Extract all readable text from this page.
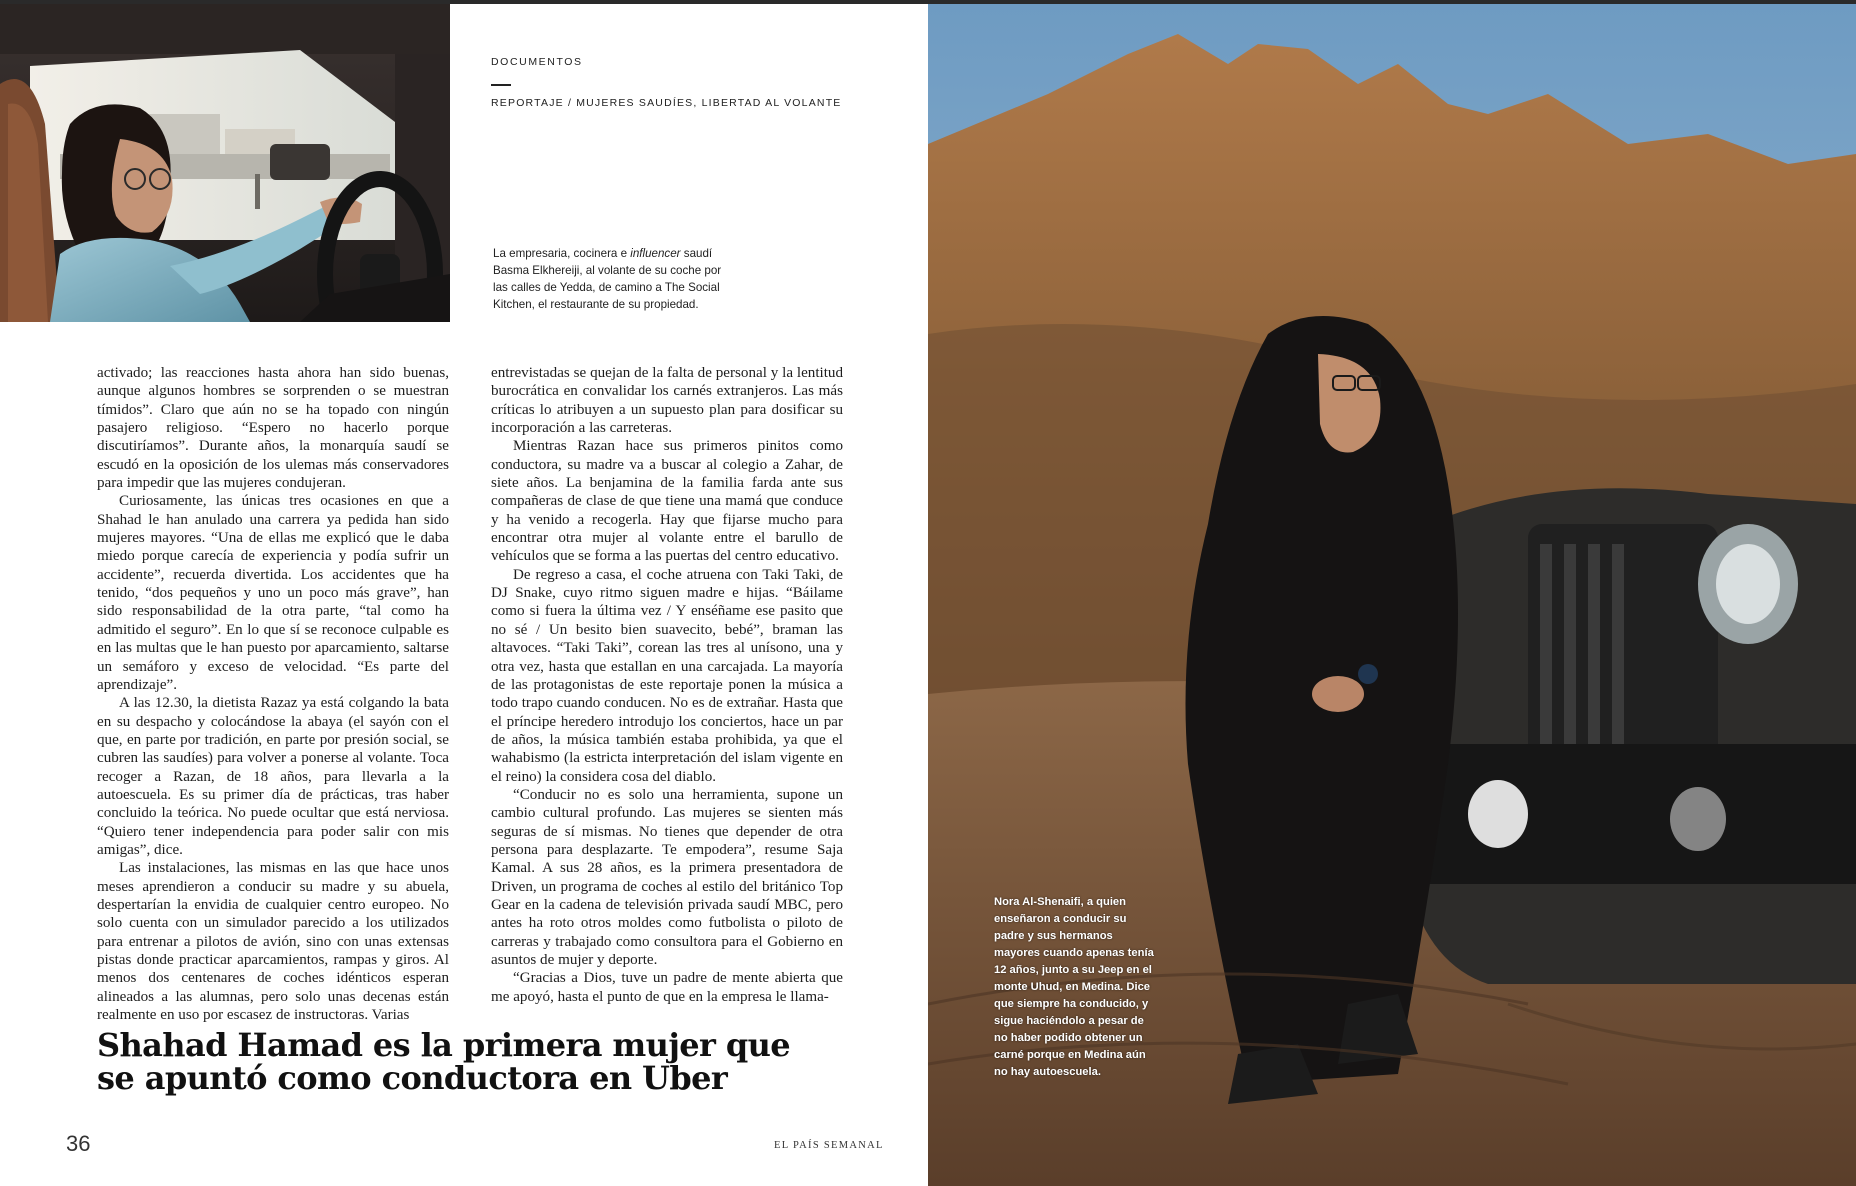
DOCUMENTOS
REPORTAJE / MUJERES SAUDÍES, LIBERTAD AL VOLANTE
La empresaria, cocinera e influencer saudí Basma Elkhereiji, al volante de su coche por las calles de Yedda, de camino a The Social Kitchen, el restaurante de su propiedad.

activado; las reacciones hasta ahora han sido buenas, aunque algunos hombres se sorprenden o se muestran tímidos”. Claro que aún no se ha topado con ningún pasajero religioso. “Espero no hacerlo porque discutiríamos”. Durante años, la monarquía saudí se escudó en la oposición de los ulemas más conservadores para impedir que las mujeres condujeran.

Curiosamente, las únicas tres ocasiones en que a Shahad le han anulado una carrera ya pedida han sido mujeres mayores. “Una de ellas me explicó que le daba miedo porque carecía de experiencia y podía sufrir un accidente”, recuerda divertida. Los accidentes que ha tenido, “dos pequeños y uno un poco más grave”, han sido responsabilidad de la otra parte, “tal como ha admitido el seguro”. En lo que sí se reconoce culpable es en las multas que le han puesto por aparcamiento, saltarse un semáforo y exceso de velocidad. “Es parte del aprendizaje”.

A las 12.30, la dietista Razaz ya está colgando la bata en su despacho y colocándose la abaya (el sayón con el que, en parte por tradición, en parte por presión social, se cubren las saudíes) para volver a ponerse al volante. Toca recoger a Razan, de 18 años, para llevarla a la autoescuela. Es su primer día de prácticas, tras haber concluido la teórica. No puede ocultar que está nerviosa. “Quiero tener independencia para poder salir con mis amigas”, dice.

Las instalaciones, las mismas en las que hace unos meses aprendieron a conducir su madre y su abuela, despertarían la envidia de cualquier centro europeo. No solo cuenta con un simulador parecido a los utilizados para entrenar a pilotos de avión, sino con unas extensas pistas donde practicar aparcamientos, rampas y giros. Al menos dos centenares de coches idénticos esperan alineados a las alumnas, pero solo unas decenas están realmente en uso por escasez de instructoras. Varias

entrevistadas se quejan de la falta de personal y la lentitud burocrática en convalidar los carnés extranjeros. Las más críticas lo atribuyen a un supuesto plan para dosificar su incorporación a las carreteras.

Mientras Razan hace sus primeros pinitos como conductora, su madre va a buscar al colegio a Zahar, de siete años. La benjamina de la familia farda ante sus compañeras de clase de que tiene una mamá que conduce y ha venido a recogerla. Hay que fijarse mucho para encontrar otra mujer al volante entre el barullo de vehículos que se forma a las puertas del centro educativo.

De regreso a casa, el coche atruena con Taki Taki, de DJ Snake, cuyo ritmo siguen madre e hijas. “Báilame como si fuera la última vez / Y enséñame ese pasito que no sé / Un besito bien suavecito, bebé”, braman las altavoces. “Taki Taki”, corean las tres al unísono, una y otra vez, hasta que estallan en una carcajada. La mayoría de las protagonistas de este reportaje ponen la música a todo trapo cuando conducen. No es de extrañar. Hasta que el príncipe heredero introdujo los conciertos, hace un par de años, la música también estaba prohibida, ya que el wahabismo (la estricta interpretación del islam vigente en el reino) la considera cosa del diablo.

“Conducir no es solo una herramienta, supone un cambio cultural profundo. Las mujeres se sienten más seguras de sí mismas. No tienes que depender de otra persona para desplazarte. Te empodera”, resume Saja Kamal. A sus 28 años, es la primera presentadora de Driven, un programa de coches al estilo del británico Top Gear en la cadena de televisión privada saudí MBC, pero antes ha roto otros moldes como futbolista o piloto de carreras y trabajado como consultora para el Gobierno en asuntos de mujer y deporte.

“Gracias a Dios, tuve un padre de mente abierta que me apoyó, hasta el punto de que en la empresa le llama-

Shahad Hamad es la primera mujer que se apuntó como conductora en Uber
36	EL PAÍS SEMANAL
Nora Al-Shenaifi, a quien enseñaron a conducir su padre y sus hermanos mayores cuando apenas tenía 12 años, junto a su Jeep en el monte Uhud, en Medina. Dice que siempre ha conducido, y sigue haciéndolo a pesar de no haber podido obtener un carné porque en Medina aún no hay autoescuela.
